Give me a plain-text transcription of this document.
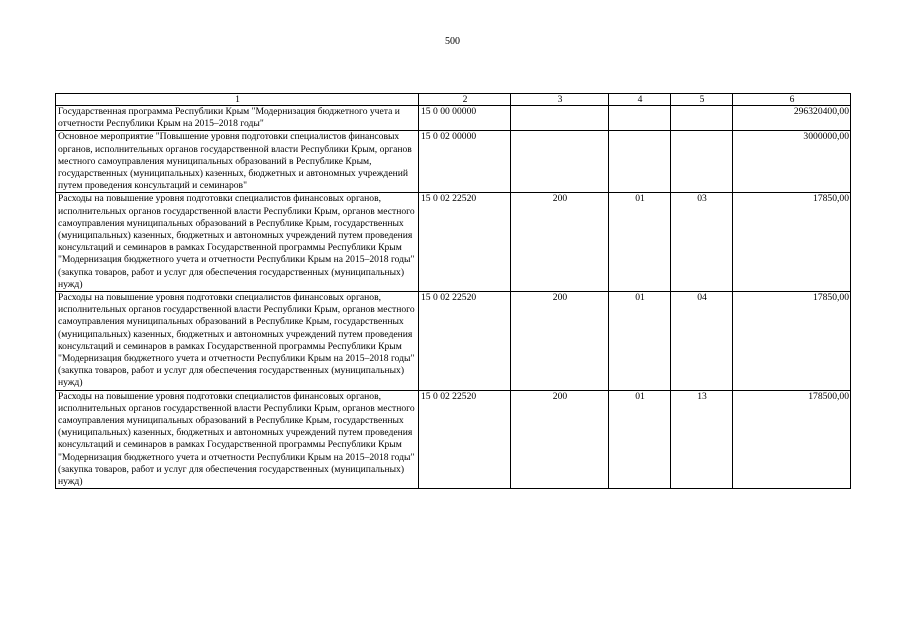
500
1	2	3	4	5	6
Государственная программа Республики Крым "Модернизация бюджетного учета и отчетности Республики Крым на 2015–2018 годы"	15 0 00 00000				296320400,00
Основное мероприятие "Повышение уровня подготовки специалистов финансовых органов, исполнительных органов государственной власти Республики Крым, органов местного самоуправления муниципальных образований в Республике Крым, государственных (муниципальных) казенных, бюджетных и автономных учреждений путем проведения консультаций и семинаров"	15 0 02 00000				3000000,00
Расходы на повышение уровня подготовки специалистов финансовых органов, исполнительных органов государственной власти Республики Крым, органов местного самоуправления муниципальных образований в Республике Крым, государственных (муниципальных) казенных, бюджетных и автономных учреждений путем проведения консультаций и семинаров в рамках Государственной программы Республики Крым "Модернизация бюджетного учета и отчетности Республики Крым на 2015–2018 годы" (закупка товаров, работ и услуг для обеспечения государственных (муниципальных) нужд)	15 0 02 22520	200	01	03	17850,00
Расходы на повышение уровня подготовки специалистов финансовых органов, исполнительных органов государственной власти Республики Крым, органов местного самоуправления муниципальных образований в Республике Крым, государственных (муниципальных) казенных, бюджетных и автономных учреждений путем проведения консультаций и семинаров в рамках Государственной программы Республики Крым "Модернизация бюджетного учета и отчетности Республики Крым на 2015–2018 годы" (закупка товаров, работ и услуг для обеспечения государственных (муниципальных) нужд)	15 0 02 22520	200	01	04	17850,00
Расходы на повышение уровня подготовки специалистов финансовых органов, исполнительных органов государственной власти Республики Крым, органов местного самоуправления муниципальных образований в Республике Крым, государственных (муниципальных) казенных, бюджетных и автономных учреждений путем проведения консультаций и семинаров в рамках Государственной программы Республики Крым "Модернизация бюджетного учета и отчетности Республики Крым на 2015–2018 годы" (закупка товаров, работ и услуг для обеспечения государственных (муниципальных) нужд)	15 0 02 22520	200	01	13	178500,00
